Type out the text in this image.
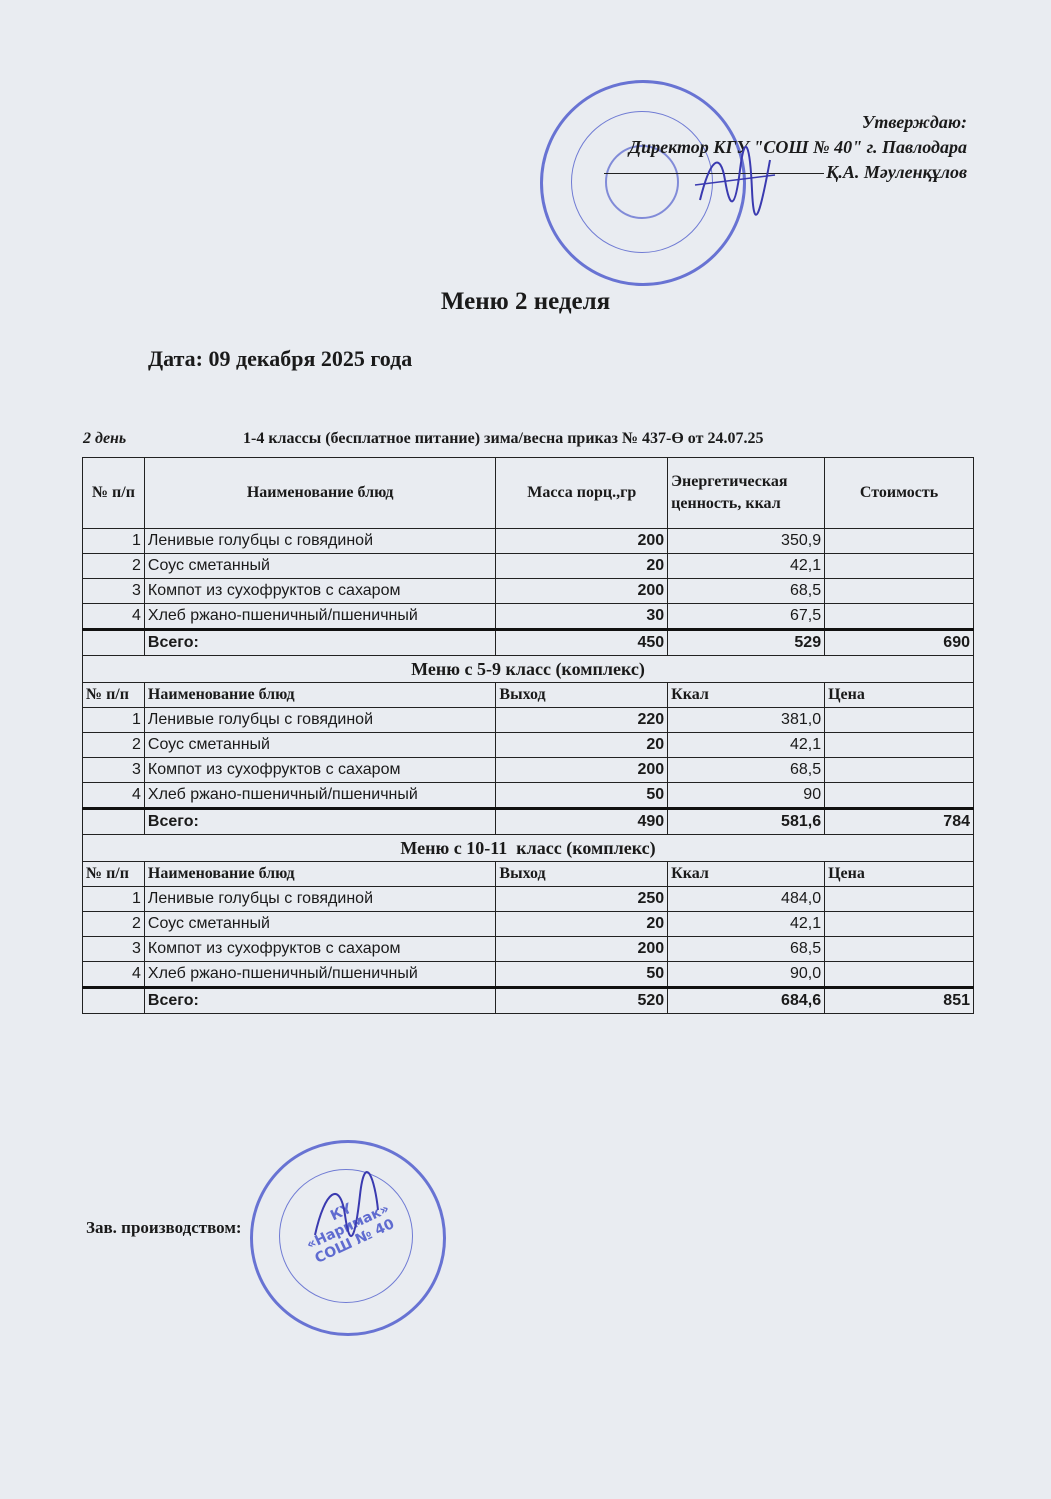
Утверждаю:
Директор КГУ "СОШ № 40" г. Павлодара
Қ.А. Мәуленқұлов
Меню 2 неделя
Дата: 09 декабря 2025 года
2 день	1-4 классы (бесплатное питание) зима/весна приказ № 437-Ө от 24.07.25
№ п/п	Наименование блюд	Масса порц.,гр	Энергетическая ценность, ккал	Стоимость
1	Ленивые голубцы с говядиной	200	350,9	
2	Соус сметанный	20	42,1	
3	Компот из сухофруктов с сахаром	200	68,5	
4	Хлеб ржано-пшеничный/пшеничный	30	67,5	
	Всего:	450	529	690
Меню с 5-9 класс (комплекс)				
№ п/п	Наименование блюд	Выход	Ккал	Цена
1	Ленивые голубцы с говядиной	220	381,0	
2	Соус сметанный	20	42,1	
3	Компот из сухофруктов с сахаром	200	68,5	
4	Хлеб ржано-пшеничный/пшеничный	50	90	
	Всего:	490	581,6	784
Меню с 10-11  класс (комплекс)				
№ п/п	Наименование блюд	Выход	Ккал	Цена
1	Ленивые голубцы с говядиной	250	484,0	
2	Соус сметанный	20	42,1	
3	Компот из сухофруктов с сахаром	200	68,5	
4	Хлеб ржано-пшеничный/пшеничный	50	90,0	
	Всего:	520	684,6	851
Зав. производством:
КҮ «Наримак» СОШ № 40
